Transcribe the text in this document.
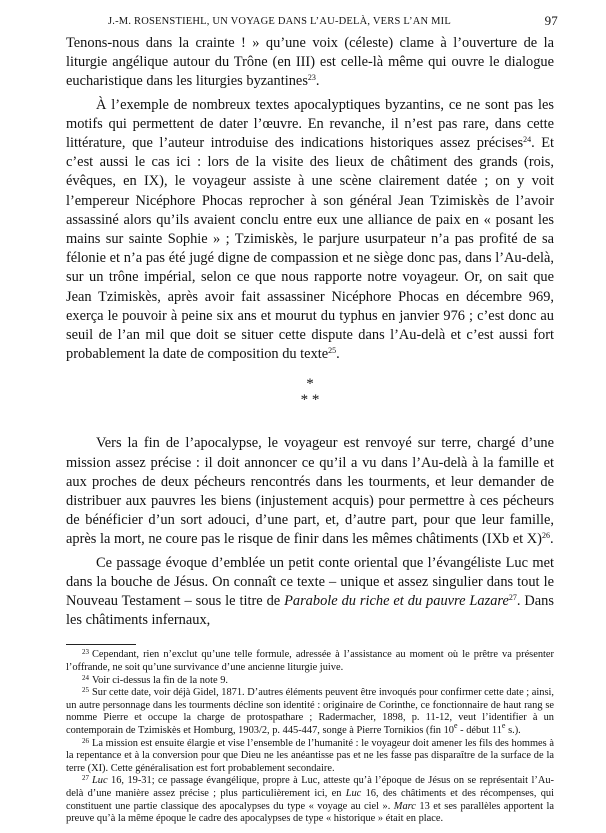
J.-M. ROSENSTIEHL, UN VOYAGE DANS L’AU-DELÀ, VERS L’AN MIL	97

Tenons-nous dans la crainte ! » qu’une voix (céleste) clame à l’ouverture de la liturgie angélique autour du Trône (en III) est celle-là même qui ouvre le dialogue eucharistique dans les liturgies byzantines$^{23}$.

À l’exemple de nombreux textes apocalyptiques byzantins, ce ne sont pas les motifs qui permettent de dater l’œuvre. En revanche, il n’est pas rare, dans cette littérature, que l’auteur introduise des indications historiques assez précises$^{24}$. Et c’est aussi le cas ici : lors de la visite des lieux de châtiment des grands (rois, évêques, en IX), le voyageur assiste à une scène clairement datée ; on y voit l’empereur Nicéphore Phocas reprocher à son général Jean Tzimiskès de l’avoir assassiné alors qu’ils avaient conclu entre eux une alliance de paix en « posant les mains sur sainte Sophie » ; Tzimiskès, le parjure usurpateur n’a pas profité de sa félonie et n’a pas été jugé digne de compassion et ne siège donc pas, dans l’Au-delà, sur un trône impérial, selon ce que nous rapporte notre voyageur. Or, on sait que Jean Tzimiskès, après avoir fait assassiner Nicéphore Phocas en décembre 969, exerça le pouvoir à peine six ans et mourut du typhus en janvier 976 ; c’est donc au seuil de l’an mil que doit se situer cette dispute dans l’Au-delà et c’est aussi fort probablement la date de composition du texte$^{25}$.

*
* *

Vers la fin de l’apocalypse, le voyageur est renvoyé sur terre, chargé d’une mission assez précise : il doit annoncer ce qu’il a vu dans l’Au-delà à la famille et aux proches de deux pécheurs rencontrés dans les tourments, et leur demander de distribuer aux pauvres les biens (injustement acquis) pour permettre à ces pécheurs de bénéficier d’un sort adouci, d’une part, et, d’autre part, pour que leur famille, après la mort, ne coure pas le risque de finir dans les mêmes châtiments (IXb et X)$^{26}$.

Ce passage évoque d’emblée un petit conte oriental que l’évangéliste Luc met dans la bouche de Jésus. On connaît ce texte – unique et assez singulier dans tout le Nouveau Testament – sous le titre de Parabole du riche et du pauvre Lazare$^{27}$. Dans les châtiments infernaux,

$^{23}$ Cependant, rien n’exclut qu’une telle formule, adressée à l’assistance au moment où le prêtre va présenter l’offrande, ne soit qu’une survivance d’une ancienne liturgie juive.

$^{24}$ Voir ci-dessus la fin de la note 9.

$^{25}$ Sur cette date, voir déjà Gidel, 1871. D’autres éléments peuvent être invoqués pour confirmer cette date ; ainsi, un autre personnage dans les tourments décline son identité : originaire de Corinthe, ce fonctionnaire de haut rang se nomme Pierre et occupe la charge de protospathare ; Radermacher, 1898, p. 11-12, veut l’identifier à un contemporain de Tzimiskès et Homburg, 1903/2, p. 445-447, songe à Pierre Tornikios (fin 10e - début 11e s.).

$^{26}$ La mission est ensuite élargie et vise l’ensemble de l’humanité : le voyageur doit amener les fils des hommes à la repentance et à la conversion pour que Dieu ne les anéantisse pas et ne les fasse pas disparaître de la surface de la terre (XI). Cette généralisation est fort probablement secondaire.

$^{27}$ Luc 16, 19-31; ce passage évangélique, propre à Luc, atteste qu’à l’époque de Jésus on se représentait l’Au-delà d’une manière assez précise ; plus particulièrement ici, en Luc 16, des châtiments et des récompenses, qui constituent une partie classique des apocalypses du type « voyage au ciel ». Marc 13 et ses parallèles apportent la preuve qu’à la même époque le cadre des apocalypses de type « historique » était en place.
